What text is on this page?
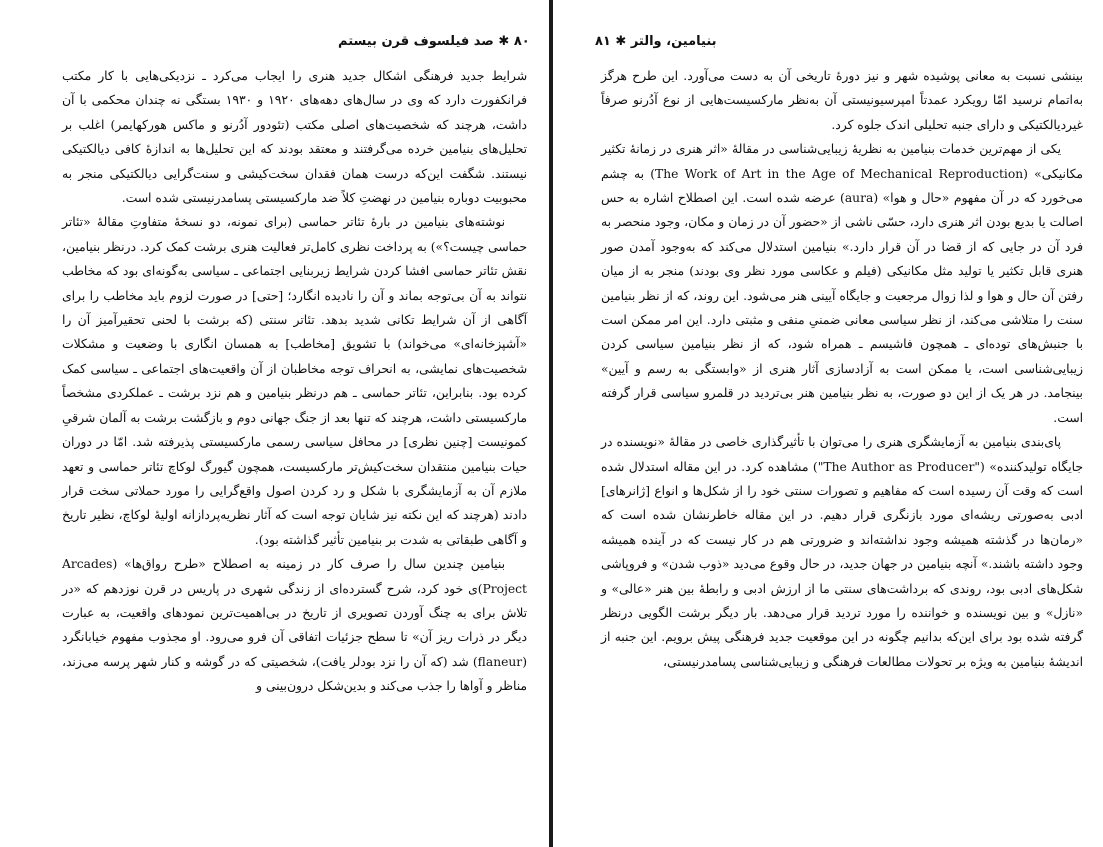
۸۰ ✱ صد فیلسوف قرن بیستم

شرایط جدید فرهنگی اشکال جدید هنری را ایجاب می‌کرد ـ نزدیکی‌هایی با کار مکتب فرانکفورت دارد که وی در سال‌های دهه‌های ۱۹۲۰ و ۱۹۳۰ بستگی نه چندان محکمی با آن داشت، هرچند که شخصیت‌های اصلی مکتب (تئودور آدُرنو و ماکس هورکهایمر) اغلب بر تحلیل‌های بنیامین خرده می‌گرفتند و معتقد بودند که این تحلیل‌ها به اندازهٔ کافی دیالکتیکی نیستند. شگفت این‌که درست همان فقدان سخت‌کیشی و سنت‌گرایی دیالکتیکی منجر به محبوبیت دوباره بنیامین در نهضتِ کلاً ضد مارکسیستی پسامدرنیستی شده است.

نوشته‌های بنیامین در بارهٔ تئاتر حماسی (برای نمونه، دو نسخهٔ متفاوتِ مقالهٔ «تئاتر حماسی چیست؟») به پرداخت نظری کامل‌تر فعالیت هنری برشت کمک کرد. درنظر بنیامین، نقش تئاتر حماسی افشا کردن شرایط زیربنایی اجتماعی ـ سیاسی به‌گونه‌ای بود که مخاطب نتواند به آن بی‌توجه بماند و آن را نادیده انگارد؛ [حتی] در صورت لزوم باید مخاطب را برای آگاهی از آن شرایط تکانی شدید بدهد. تئاتر سنتی (که برشت با لحنی تحقیرآمیز آن را «آشپزخانه‌ای» می‌خواند) با تشویق [مخاطب] به همسان انگاری با وضعیت و مشکلات شخصیت‌های نمایشی، به انحراف توجه مخاطبان از آن واقعیت‌های اجتماعی ـ سیاسی کمک کرده بود. بنابراین، تئاتر حماسی ـ هم درنظر بنیامین و هم نزد برشت ـ عملکردی مشخصاً مارکسیستی داشت، هرچند که تنها بعد از جنگ جهانی دوم و بازگشت برشت به آلمان شرقیِ کمونیست [چنین نظری] در محافل سیاسی رسمی مارکسیستی پذیرفته شد. امّا در دوران حیات بنیامین منتقدان سخت‌کیش‌تر مارکسیست، همچون گیورگ لوکاچ تئاتر حماسی و تعهد ملازم آن به آزمایشگری با شکل و رد کردن اصول واقع‌گرایی را مورد حملاتی سخت قرار دادند (هرچند که این نکته نیز شایان توجه است که آثار نظریه‌پردازانه اولیهٔ لوکاچ، نظیر تاریخ و آگاهی طبقاتی به شدت بر بنیامین تأثیر گذاشته بود).

بنیامین چندین سال را صرف کار در زمینه به اصطلاح «طرح رواق‌ها» (Arcades Project)ی خود کرد، شرح گسترده‌ای از زندگی شهری در پاریس در قرن نوزدهم که «در تلاش برای به چنگ آوردن تصویری از تاریخ در بی‌اهمیت‌ترین نمودهای واقعیت، به عبارت دیگر در ذرات ریز آن» تا سطح جزئیات اتفاقی آن فرو می‌رود. او مجذوب مفهوم خیابانگرد (flaneur) شد (که آن را نزد بودلر یافت)، شخصیتی که در گوشه و کنار شهر پرسه می‌زند، مناظر و آواها را جذب می‌کند و بدین‌شکل درون‌بینی و

بنیامین، والتر ✱ ۸۱

بینشی نسبت به معانی پوشیده شهر و نیز دورهٔ تاریخی آن به دست می‌آورد. این طرح هرگز به‌اتمام نرسید امّا رویکرد عمدتاً امپرسیونیستی آن به‌نظر مارکسیست‌هایی از نوع آدُرنو صرفاً غیردیالکتیکی و دارای جنبه تحلیلی اندک جلوه کرد.

یکی از مهم‌ترین خدمات بنیامین به نظریهٔ زیبایی‌شناسی در مقالهٔ «اثر هنری در زمانهٔ تکثیر مکانیکی» (The Work of Art in the Age of Mechanical Reproduction) به چشم می‌خورد که در آن مفهوم «حال و هوا» (aura) عرضه شده است. این اصطلاح اشاره به حس اصالت یا بدیع بودن اثر هنری دارد، حسّی ناشی از «حضور آن در زمان و مکان، وجود منحصر به فرد آن در جایی که از قضا در آن قرار دارد.» بنیامین استدلال می‌کند که به‌وجود آمدن صور هنری قابل تکثیر یا تولید مثل مکانیکی (فیلم و عکاسی مورد نظر وی بودند) منجر به از میان رفتن آن حال و هوا و لذا زوال مرجعیت و جایگاه آیینی هنر می‌شود. این روند، که از نظر بنیامین سنت را متلاشی می‌کند، از نظر سیاسی معانی ضمنیِ منفی و مثبتی دارد. این امر ممکن است با جنبش‌های توده‌ای ـ همچون فاشیسم ـ همراه شود، که از نظر بنیامین سیاسی کردن زیبایی‌شناسی است، یا ممکن است به آزادسازی آثار هنری از «وابستگی به رسم و آیین» بینجامد. در هر یک از این دو صورت، به نظر بنیامین هنر بی‌تردید در قلمرو سیاسی قرار گرفته است.

پای‌بندی بنیامین به آزمایشگری هنری را می‌توان با تأثیرگذاری خاصی در مقالهٔ «نویسنده در جایگاه تولیدکننده» ("The Author as Producer") مشاهده کرد. در این مقاله استدلال شده است که وقت آن رسیده است که مفاهیم و تصورات سنتی خود را از شکل‌ها و انواع [ژانرهای] ادبی به‌صورتی ریشه‌ای مورد بازنگری قرار دهیم. در این مقاله خاطرنشان شده است که «رمان‌ها در گذشته همیشه وجود نداشته‌اند و ضرورتی هم در کار نیست که در آینده همیشه وجود داشته باشند.» آنچه بنیامین در جهان جدید، در حال وقوع می‌دید «ذوب شدن» و فروپاشی شکل‌های ادبی بود، روندی که برداشت‌های سنتی ما از ارزش ادبی و رابطهٔ بین هنر «عالی» و «نازل» و بین نویسنده و خواننده را مورد تردید قرار می‌دهد. بار دیگر برشت الگویی درنظر گرفته شده بود برای این‌که بدانیم چگونه در این موقعیت جدید فرهنگی پیش برویم. این جنبه از اندیشهٔ بنیامین به ویژه بر تحولات مطالعات فرهنگی و زیبایی‌شناسی پسامدرنیستی،
